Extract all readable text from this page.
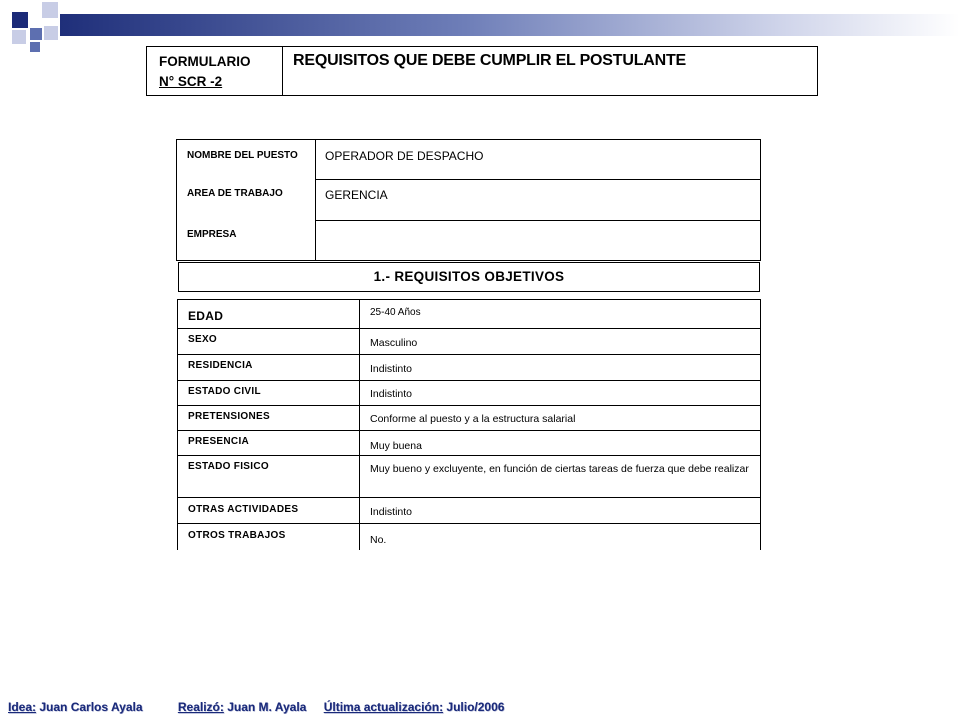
FORMULARIO
N° SCR -2
REQUISITOS QUE DEBE CUMPLIR EL POSTULANTE
NOMBRE DEL PUESTO	OPERADOR DE DESPACHO
AREA DE TRABAJO	GERENCIA
EMPRESA
1.- REQUISITOS OBJETIVOS
EDAD	25-40 Años
SEXO	Masculino
RESIDENCIA	Indistinto
ESTADO CIVIL	Indistinto
PRETENSIONES	Conforme al puesto y a la estructura salarial
PRESENCIA	Muy buena
ESTADO FISICO	Muy bueno y excluyente, en función de ciertas tareas de fuerza que debe realizar
OTRAS ACTIVIDADES	Indistinto
OTROS TRABAJOS	No.
Idea: Juan Carlos Ayala	Realizó: Juan M. Ayala Última actualización: Julio/2006
